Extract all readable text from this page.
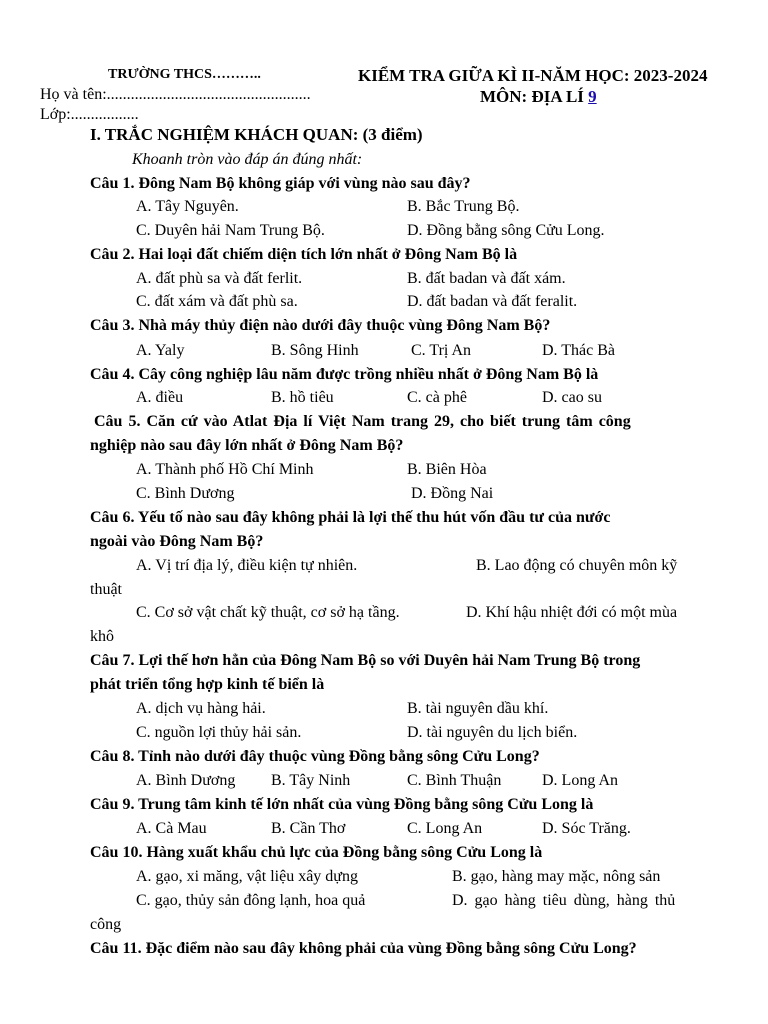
TRƯỜNG THCS………..	KIỂM TRA GIỮA KÌ II-NĂM HỌC: 2023-2024
Họ và tên:...................................................	MÔN: ĐỊA LÍ 9
Lớp:.................
I. TRẮC NGHIỆM KHÁCH QUAN: (3 điểm)
Khoanh tròn vào đáp án đúng nhất:
Câu 1. Đông Nam Bộ không giáp với vùng nào sau đây?
A. Tây Nguyên.	B. Bắc Trung Bộ.
C. Duyên hải Nam Trung Bộ.	D. Đồng bằng sông Cửu Long.
Câu 2. Hai loại đất chiếm diện tích lớn nhất ở Đông Nam Bộ là
A. đất phù sa và đất ferlit.	B. đất badan và đất xám.
C. đất xám và đất phù sa.	D. đất badan và đất feralit.
Câu 3. Nhà máy thủy điện nào dưới đây thuộc vùng Đông Nam Bộ?
A. Yaly	B. Sông Hinh	C. Trị An	D. Thác Bà
Câu 4. Cây công nghiệp lâu năm được trồng nhiều nhất ở Đông Nam Bộ là
A. điều	B. hồ tiêu	C. cà phê	D. cao su
Câu 5. Căn cứ vào Atlat Địa lí Việt Nam trang 29, cho biết trung tâm công
nghiệp nào sau đây lớn nhất ở Đông Nam Bộ?
A. Thành phố Hồ Chí Minh	B. Biên Hòa
C. Bình Dương	D. Đồng Nai
Câu 6. Yếu tố nào sau đây không phải là lợi thế thu hút vốn đầu tư của nước
ngoài vào Đông Nam Bộ?
A. Vị trí địa lý, điều kiện tự nhiên.	B. Lao động có chuyên môn kỹ
thuật
C. Cơ sở vật chất kỹ thuật, cơ sở hạ tầng.	D. Khí hậu nhiệt đới có một mùa
khô
Câu 7. Lợi thế hơn hẳn của Đông Nam Bộ so với Duyên hải Nam Trung Bộ trong
phát triển tổng hợp kinh tế biển là
A. dịch vụ hàng hải.	B. tài nguyên dầu khí.
C. nguồn lợi thủy hải sản.	D. tài nguyên du lịch biển.
Câu 8. Tỉnh nào dưới đây thuộc vùng Đồng bằng sông Cửu Long?
A. Bình Dương B. Tây Ninh	C. Bình Thuận	D. Long An
Câu 9. Trung tâm kinh tế lớn nhất của vùng Đồng bằng sông Cửu Long là
A. Cà Mau	B. Cần Thơ	C. Long An	D. Sóc Trăng.
Câu 10. Hàng xuất khẩu chủ lực của Đồng bằng sông Cửu Long là
A. gạo, xi măng, vật liệu xây dựng	B. gạo, hàng may mặc, nông sản
C. gạo, thủy sản đông lạnh, hoa quả	D. gạo hàng tiêu dùng, hàng thủ
công
Câu 11. Đặc điểm nào sau đây không phải của vùng Đồng bằng sông Cửu Long?
